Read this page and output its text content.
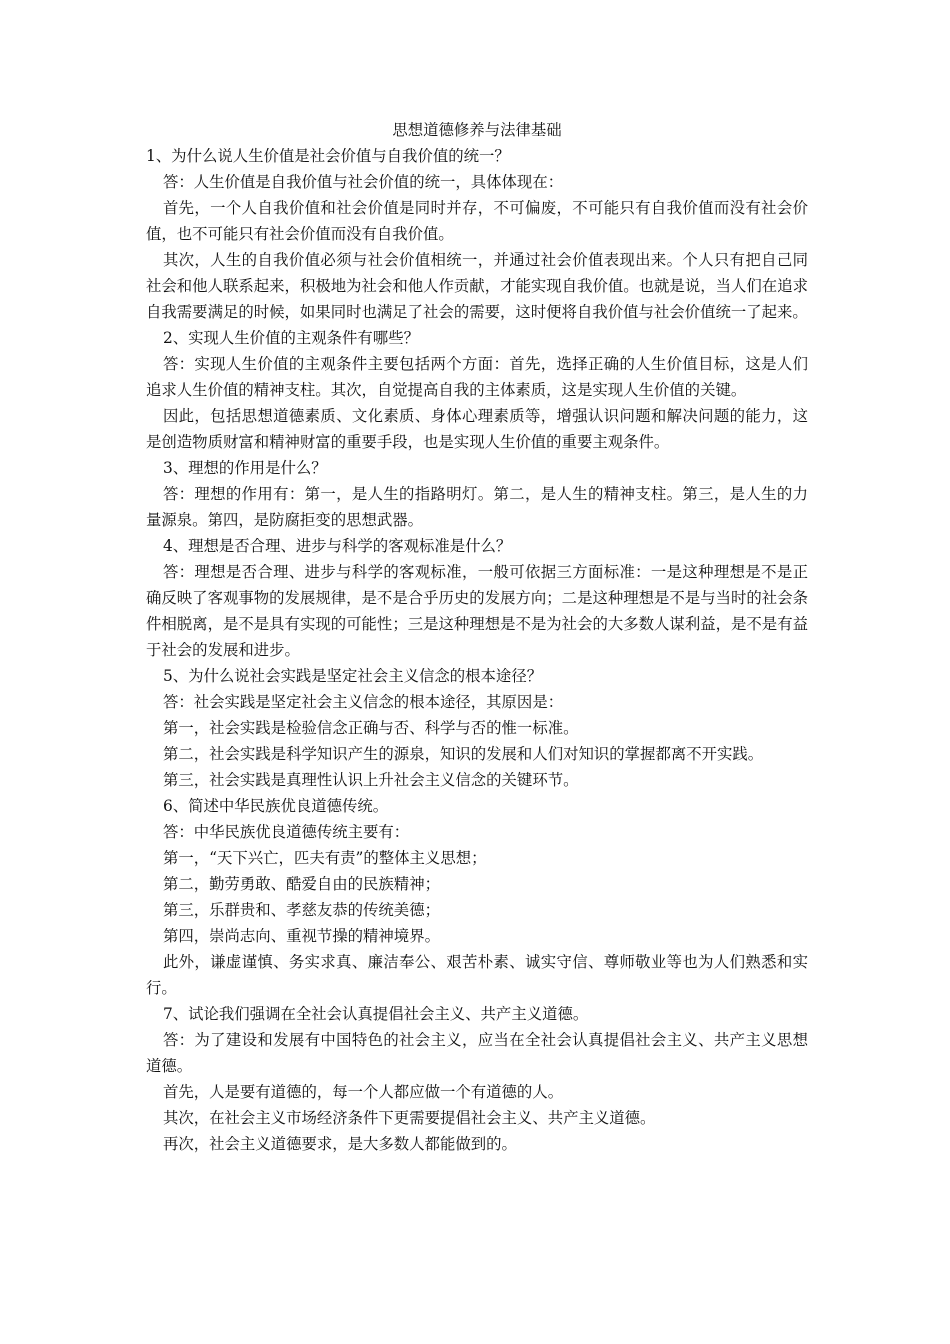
思想道德修养与法律基础

1、为什么说人生价值是社会价值与自我价值的统一？

答：人生价值是自我价值与社会价值的统一，具体体现在：

首先，一个人自我价值和社会价值是同时并存，不可偏废，不可能只有自我价值而没有社会价值，也不可能只有社会价值而没有自我价值。

其次，人生的自我价值必须与社会价值相统一，并通过社会价值表现出来。个人只有把自己同社会和他人联系起来，积极地为社会和他人作贡献，才能实现自我价值。也就是说，当人们在追求自我需要满足的时候，如果同时也满足了社会的需要，这时便将自我价值与社会价值统一了起来。

2、实现人生价值的主观条件有哪些？

答：实现人生价值的主观条件主要包括两个方面：首先，选择正确的人生价值目标，这是人们追求人生价值的精神支柱。其次，自觉提高自我的主体素质，这是实现人生价值的关键。

因此，包括思想道德素质、文化素质、身体心理素质等，增强认识问题和解决问题的能力，这是创造物质财富和精神财富的重要手段，也是实现人生价值的重要主观条件。

3、理想的作用是什么？

答：理想的作用有：第一，是人生的指路明灯。第二，是人生的精神支柱。第三，是人生的力量源泉。第四，是防腐拒变的思想武器。

4、理想是否合理、进步与科学的客观标准是什么？

答：理想是否合理、进步与科学的客观标准，一般可依据三方面标准：一是这种理想是不是正确反映了客观事物的发展规律，是不是合乎历史的发展方向；二是这种理想是不是与当时的社会条件相脱离，是不是具有实现的可能性；三是这种理想是不是为社会的大多数人谋利益，是不是有益于社会的发展和进步。

5、为什么说社会实践是坚定社会主义信念的根本途径？

答：社会实践是坚定社会主义信念的根本途径，其原因是：

第一，社会实践是检验信念正确与否、科学与否的惟一标准。

第二，社会实践是科学知识产生的源泉，知识的发展和人们对知识的掌握都离不开实践。

第三，社会实践是真理性认识上升社会主义信念的关键环节。

6、简述中华民族优良道德传统。

答：中华民族优良道德传统主要有：

第一，“天下兴亡，匹夫有责”的整体主义思想；

第二，勤劳勇敢、酷爱自由的民族精神；

第三，乐群贵和、孝慈友恭的传统美德；

第四，崇尚志向、重视节操的精神境界。

此外，谦虚谨慎、务实求真、廉洁奉公、艰苦朴素、诚实守信、尊师敬业等也为人们熟悉和实行。

7、试论我们强调在全社会认真提倡社会主义、共产主义道德。

答：为了建设和发展有中国特色的社会主义，应当在全社会认真提倡社会主义、共产主义思想道德。

首先，人是要有道德的，每一个人都应做一个有道德的人。

其次，在社会主义市场经济条件下更需要提倡社会主义、共产主义道德。

再次，社会主义道德要求，是大多数人都能做到的。
